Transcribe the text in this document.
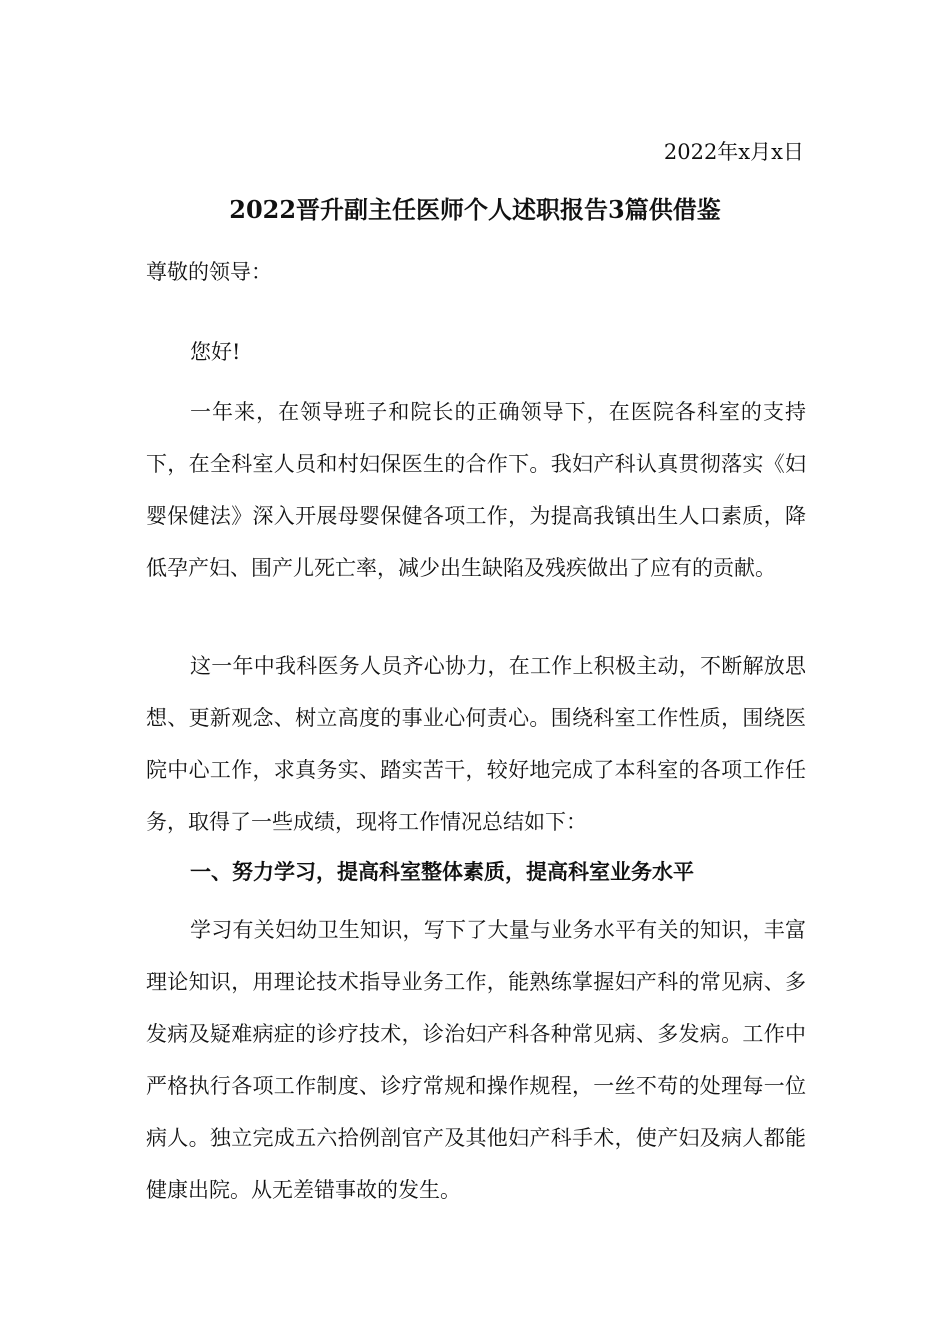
2022年x月x日
2022晋升副主任医师个人述职报告3篇供借鉴
尊敬的领导：
您好!

一年来，在领导班子和院长的正确领导下，在医院各科室的支持下，在全科室人员和村妇保医生的合作下。我妇产科认真贯彻落实《妇婴保健法》深入开展母婴保健各项工作，为提高我镇出生人口素质，降低孕产妇、围产儿死亡率，减少出生缺陷及残疾做出了应有的贡献。

这一年中我科医务人员齐心协力，在工作上积极主动，不断解放思想、更新观念、树立高度的事业心何责心。围绕科室工作性质，围绕医院中心工作，求真务实、踏实苦干，较好地完成了本科室的各项工作任务，取得了一些成绩，现将工作情况总结如下：

一、努力学习，提高科室整体素质，提高科室业务水平

学习有关妇幼卫生知识，写下了大量与业务水平有关的知识，丰富理论知识，用理论技术指导业务工作，能熟练掌握妇产科的常见病、多发病及疑难病症的诊疗技术，诊治妇产科各种常见病、多发病。工作中严格执行各项工作制度、诊疗常规和操作规程，一丝不苟的处理每一位病人。独立完成五六拾例剖官产及其他妇产科手术，使产妇及病人都能健康出院。从无差错事故的发生。
